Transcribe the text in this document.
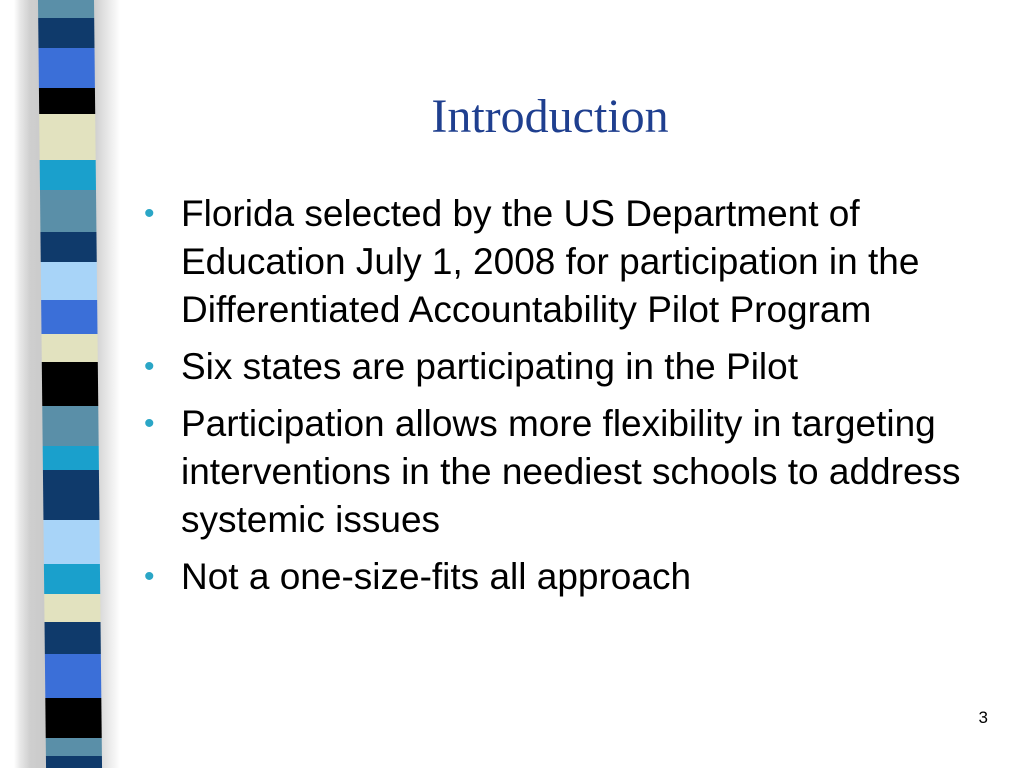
Introduction
• Florida selected by the US Department of Education July 1, 2008 for participation in the Differentiated Accountability Pilot Program
• Six states are participating in the Pilot
• Participation allows more flexibility in targeting interventions in the neediest schools to address systemic issues
• Not a one-size-fits all approach
3
